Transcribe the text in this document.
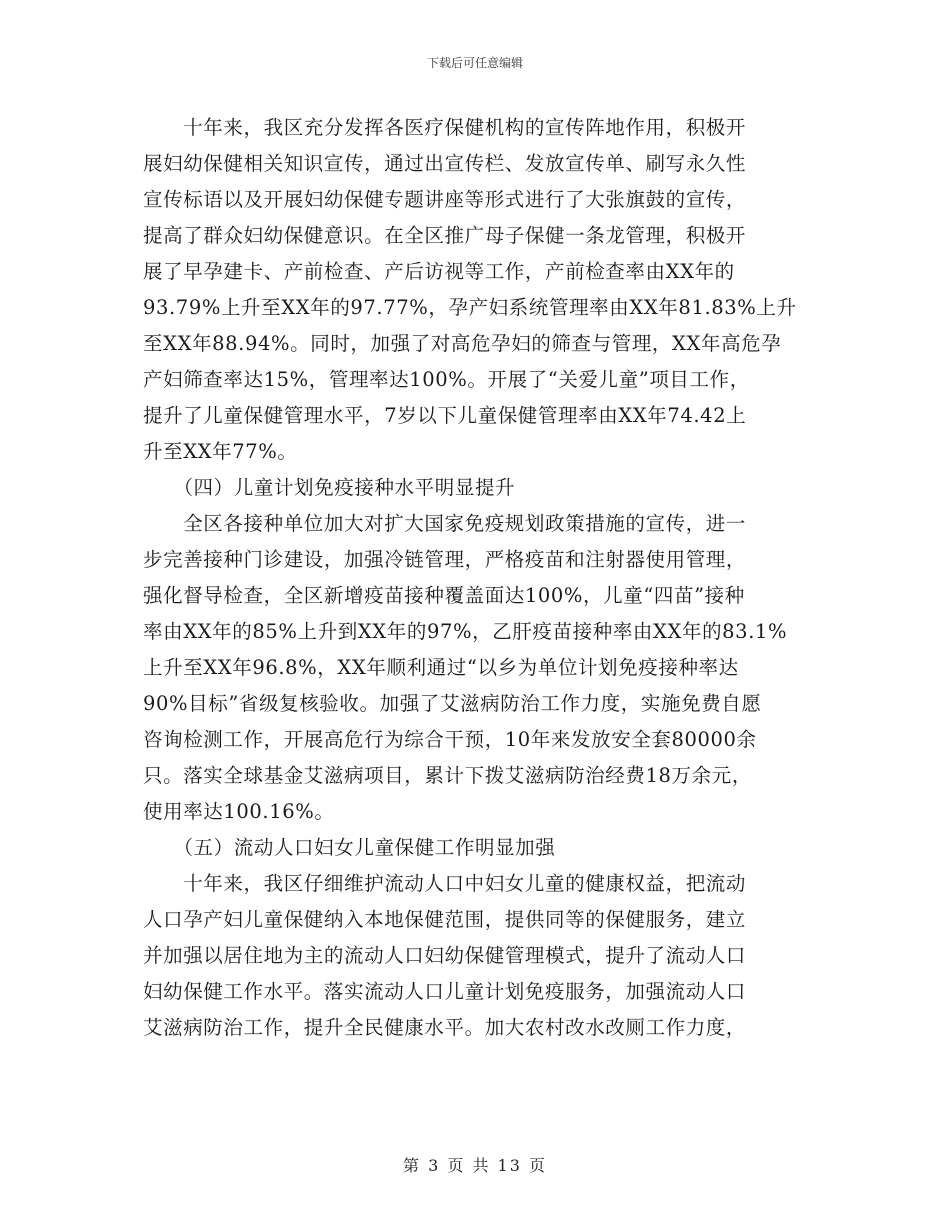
下载后可任意编辑
　　十年来，我区充分发挥各医疗保健机构的宣传阵地作用，积极开
展妇幼保健相关知识宣传，通过出宣传栏、发放宣传单、刷写永久性
宣传标语以及开展妇幼保健专题讲座等形式进行了大张旗鼓的宣传，
提高了群众妇幼保健意识。在全区推广母子保健一条龙管理，积极开
展了早孕建卡、产前检查、产后访视等工作，产前检查率由XX年的
93.79%上升至XX年的97.77%，孕产妇系统管理率由XX年81.83%上升
至XX年88.94%。同时，加强了对高危孕妇的筛查与管理，XX年高危孕
产妇筛查率达15%，管理率达100%。开展了“关爱儿童”项目工作，
提升了儿童保健管理水平，7岁以下儿童保健管理率由XX年74.42上
升至XX年77%。
　　（四）儿童计划免疫接种水平明显提升
　　全区各接种单位加大对扩大国家免疫规划政策措施的宣传，进一
步完善接种门诊建设，加强冷链管理，严格疫苗和注射器使用管理，
强化督导检查，全区新增疫苗接种覆盖面达100%，儿童“四苗”接种
率由XX年的85%上升到XX年的97%，乙肝疫苗接种率由XX年的83.1%
上升至XX年96.8%，XX年顺利通过“以乡为单位计划免疫接种率达
90%目标”省级复核验收。加强了艾滋病防治工作力度，实施免费自愿
咨询检测工作，开展高危行为综合干预，10年来发放安全套80000余
只。落实全球基金艾滋病项目，累计下拨艾滋病防治经费18万余元，
使用率达100.16%。
　　（五）流动人口妇女儿童保健工作明显加强
　　十年来，我区仔细维护流动人口中妇女儿童的健康权益，把流动
人口孕产妇儿童保健纳入本地保健范围，提供同等的保健服务，建立
并加强以居住地为主的流动人口妇幼保健管理模式，提升了流动人口
妇幼保健工作水平。落实流动人口儿童计划免疫服务，加强流动人口
艾滋病防治工作，提升全民健康水平。加大农村改水改厕工作力度，
第 3 页 共 13 页
